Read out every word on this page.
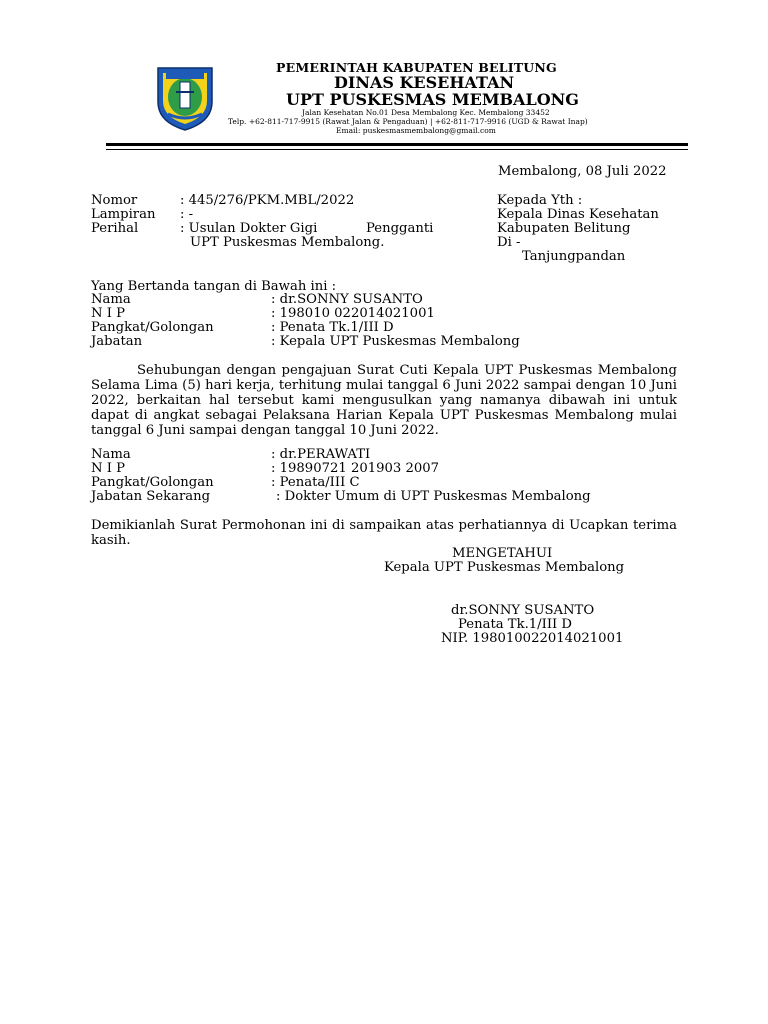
PEMERINTAH KABUPATEN BELITUNG
DINAS KESEHATAN
UPT PUSKESMAS MEMBALONG
Jalan Kesehatan No.01 Desa Membalong Kec. Membalong 33452
Telp. +62-811-717-9915 (Rawat Jalan & Pengaduan) | +62-811-717-9916 (UGD & Rawat Inap)
Email: puskesmasmembalong@gmail.com
Membalong, 08 Juli 2022
Nomor	: 445/276/PKM.MBL/2022
Lampiran : -
Perihal	: Usulan Dokter Gigi	Pengganti
UPT Puskesmas Membalong.
Kepada Yth :
Kepala Dinas Kesehatan
Kabupaten Belitung
Di -
Tanjungpandan
Yang Bertanda tangan di Bawah ini :
Nama	: dr.SONNY SUSANTO
N I P	: 198010 022014021001
Pangkat/Golongan	: Penata Tk.1/III D
Jabatan	: Kepala UPT Puskesmas Membalong
Sehubungan dengan pengajuan Surat Cuti Kepala UPT Puskesmas Membalong Selama Lima (5) hari kerja, terhitung mulai tanggal 6 Juni 2022 sampai dengan 10 Juni 2022, berkaitan hal tersebut kami mengusulkan yang namanya dibawah ini untuk dapat di angkat sebagai Pelaksana Harian Kepala UPT Puskesmas Membalong mulai tanggal 6 Juni sampai dengan tanggal 10 Juni 2022.
Nama	: dr.PERAWATI
N I P	: 19890721 201903 2007
Pangkat/Golongan	: Penata/III C
Jabatan Sekarang	: Dokter Umum di UPT Puskesmas Membalong
Demikianlah Surat Permohonan ini di sampaikan atas perhatiannya di Ucapkan terima kasih.
MENGETAHUI
Kepala UPT Puskesmas Membalong
dr.SONNY SUSANTO
Penata Tk.1/III D
NIP. 198010022014021001
